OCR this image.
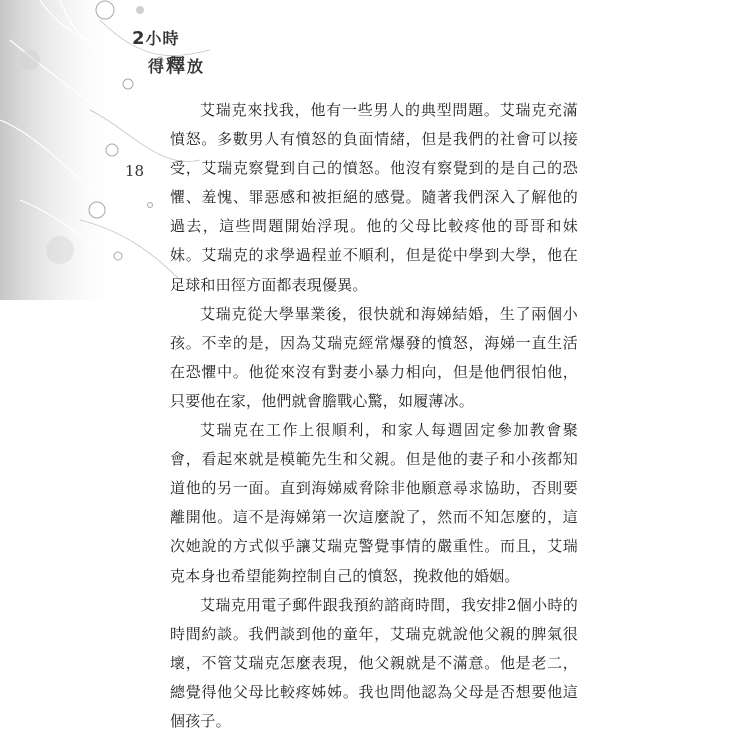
2小時
得釋放
18

艾瑞克來找我，他有一些男人的典型問題。艾瑞克充滿憤怒。多數男人有憤怒的負面情緒，但是我們的社會可以接受，艾瑞克察覺到自己的憤怒。他沒有察覺到的是自己的恐懼、羞愧、罪惡感和被拒絕的感覺。隨著我們深入了解他的過去，這些問題開始浮現。他的父母比較疼他的哥哥和妹妹。艾瑞克的求學過程並不順利，但是從中學到大學，他在足球和田徑方面都表現優異。

艾瑞克從大學畢業後，很快就和海娣結婚，生了兩個小孩。不幸的是，因為艾瑞克經常爆發的憤怒，海娣一直生活在恐懼中。他從來沒有對妻小暴力相向，但是他們很怕他，只要他在家，他們就會膽戰心驚，如履薄冰。

艾瑞克在工作上很順利，和家人每週固定參加教會聚會，看起來就是模範先生和父親。但是他的妻子和小孩都知道他的另一面。直到海娣威脅除非他願意尋求協助，否則要離開他。這不是海娣第一次這麼說了，然而不知怎麼的，這次她說的方式似乎讓艾瑞克警覺事情的嚴重性。而且，艾瑞克本身也希望能夠控制自己的憤怒，挽救他的婚姻。

艾瑞克用電子郵件跟我預約諮商時間，我安排2個小時的時間約談。我們談到他的童年，艾瑞克就說他父親的脾氣很壞，不管艾瑞克怎麼表現，他父親就是不滿意。他是老二，總覺得他父母比較疼姊姊。我也問他認為父母是否想要他這個孩子。
